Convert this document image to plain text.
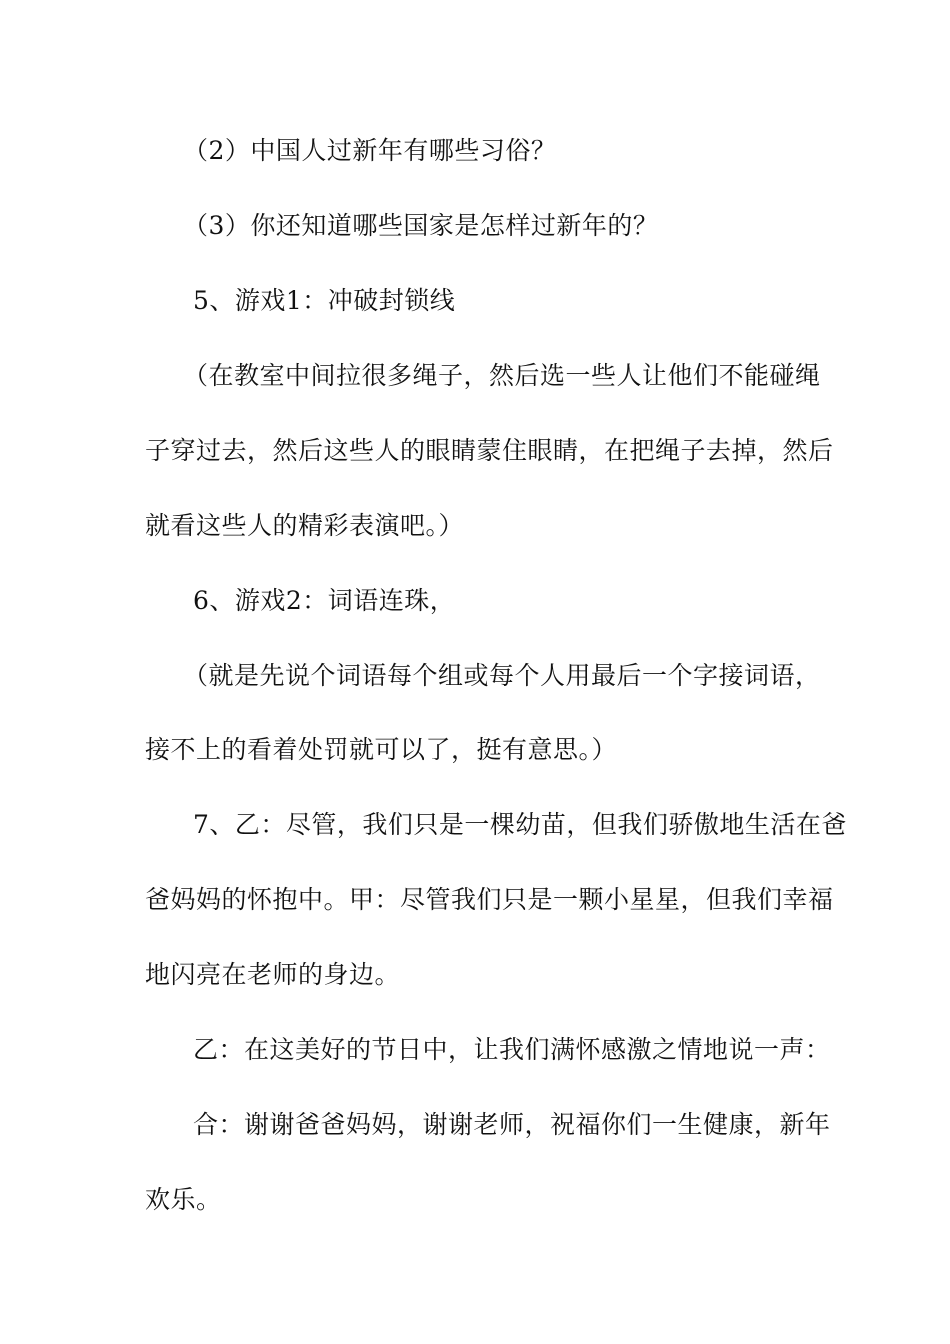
（2）中国人过新年有哪些习俗？
（3）你还知道哪些国家是怎样过新年的？
5、游戏1：冲破封锁线
（在教室中间拉很多绳子，然后选一些人让他们不能碰绳
子穿过去，然后这些人的眼睛蒙住眼睛，在把绳子去掉，然后
就看这些人的精彩表演吧。）
6、游戏2：词语连珠，
（就是先说个词语每个组或每个人用最后一个字接词语，
接不上的看着处罚就可以了，挺有意思。）
7、乙：尽管，我们只是一棵幼苗，但我们骄傲地生活在爸
爸妈妈的怀抱中。甲：尽管我们只是一颗小星星，但我们幸福
地闪亮在老师的身边。
乙：在这美好的节日中，让我们满怀感激之情地说一声：
合：谢谢爸爸妈妈，谢谢老师，祝福你们一生健康，新年
欢乐。
